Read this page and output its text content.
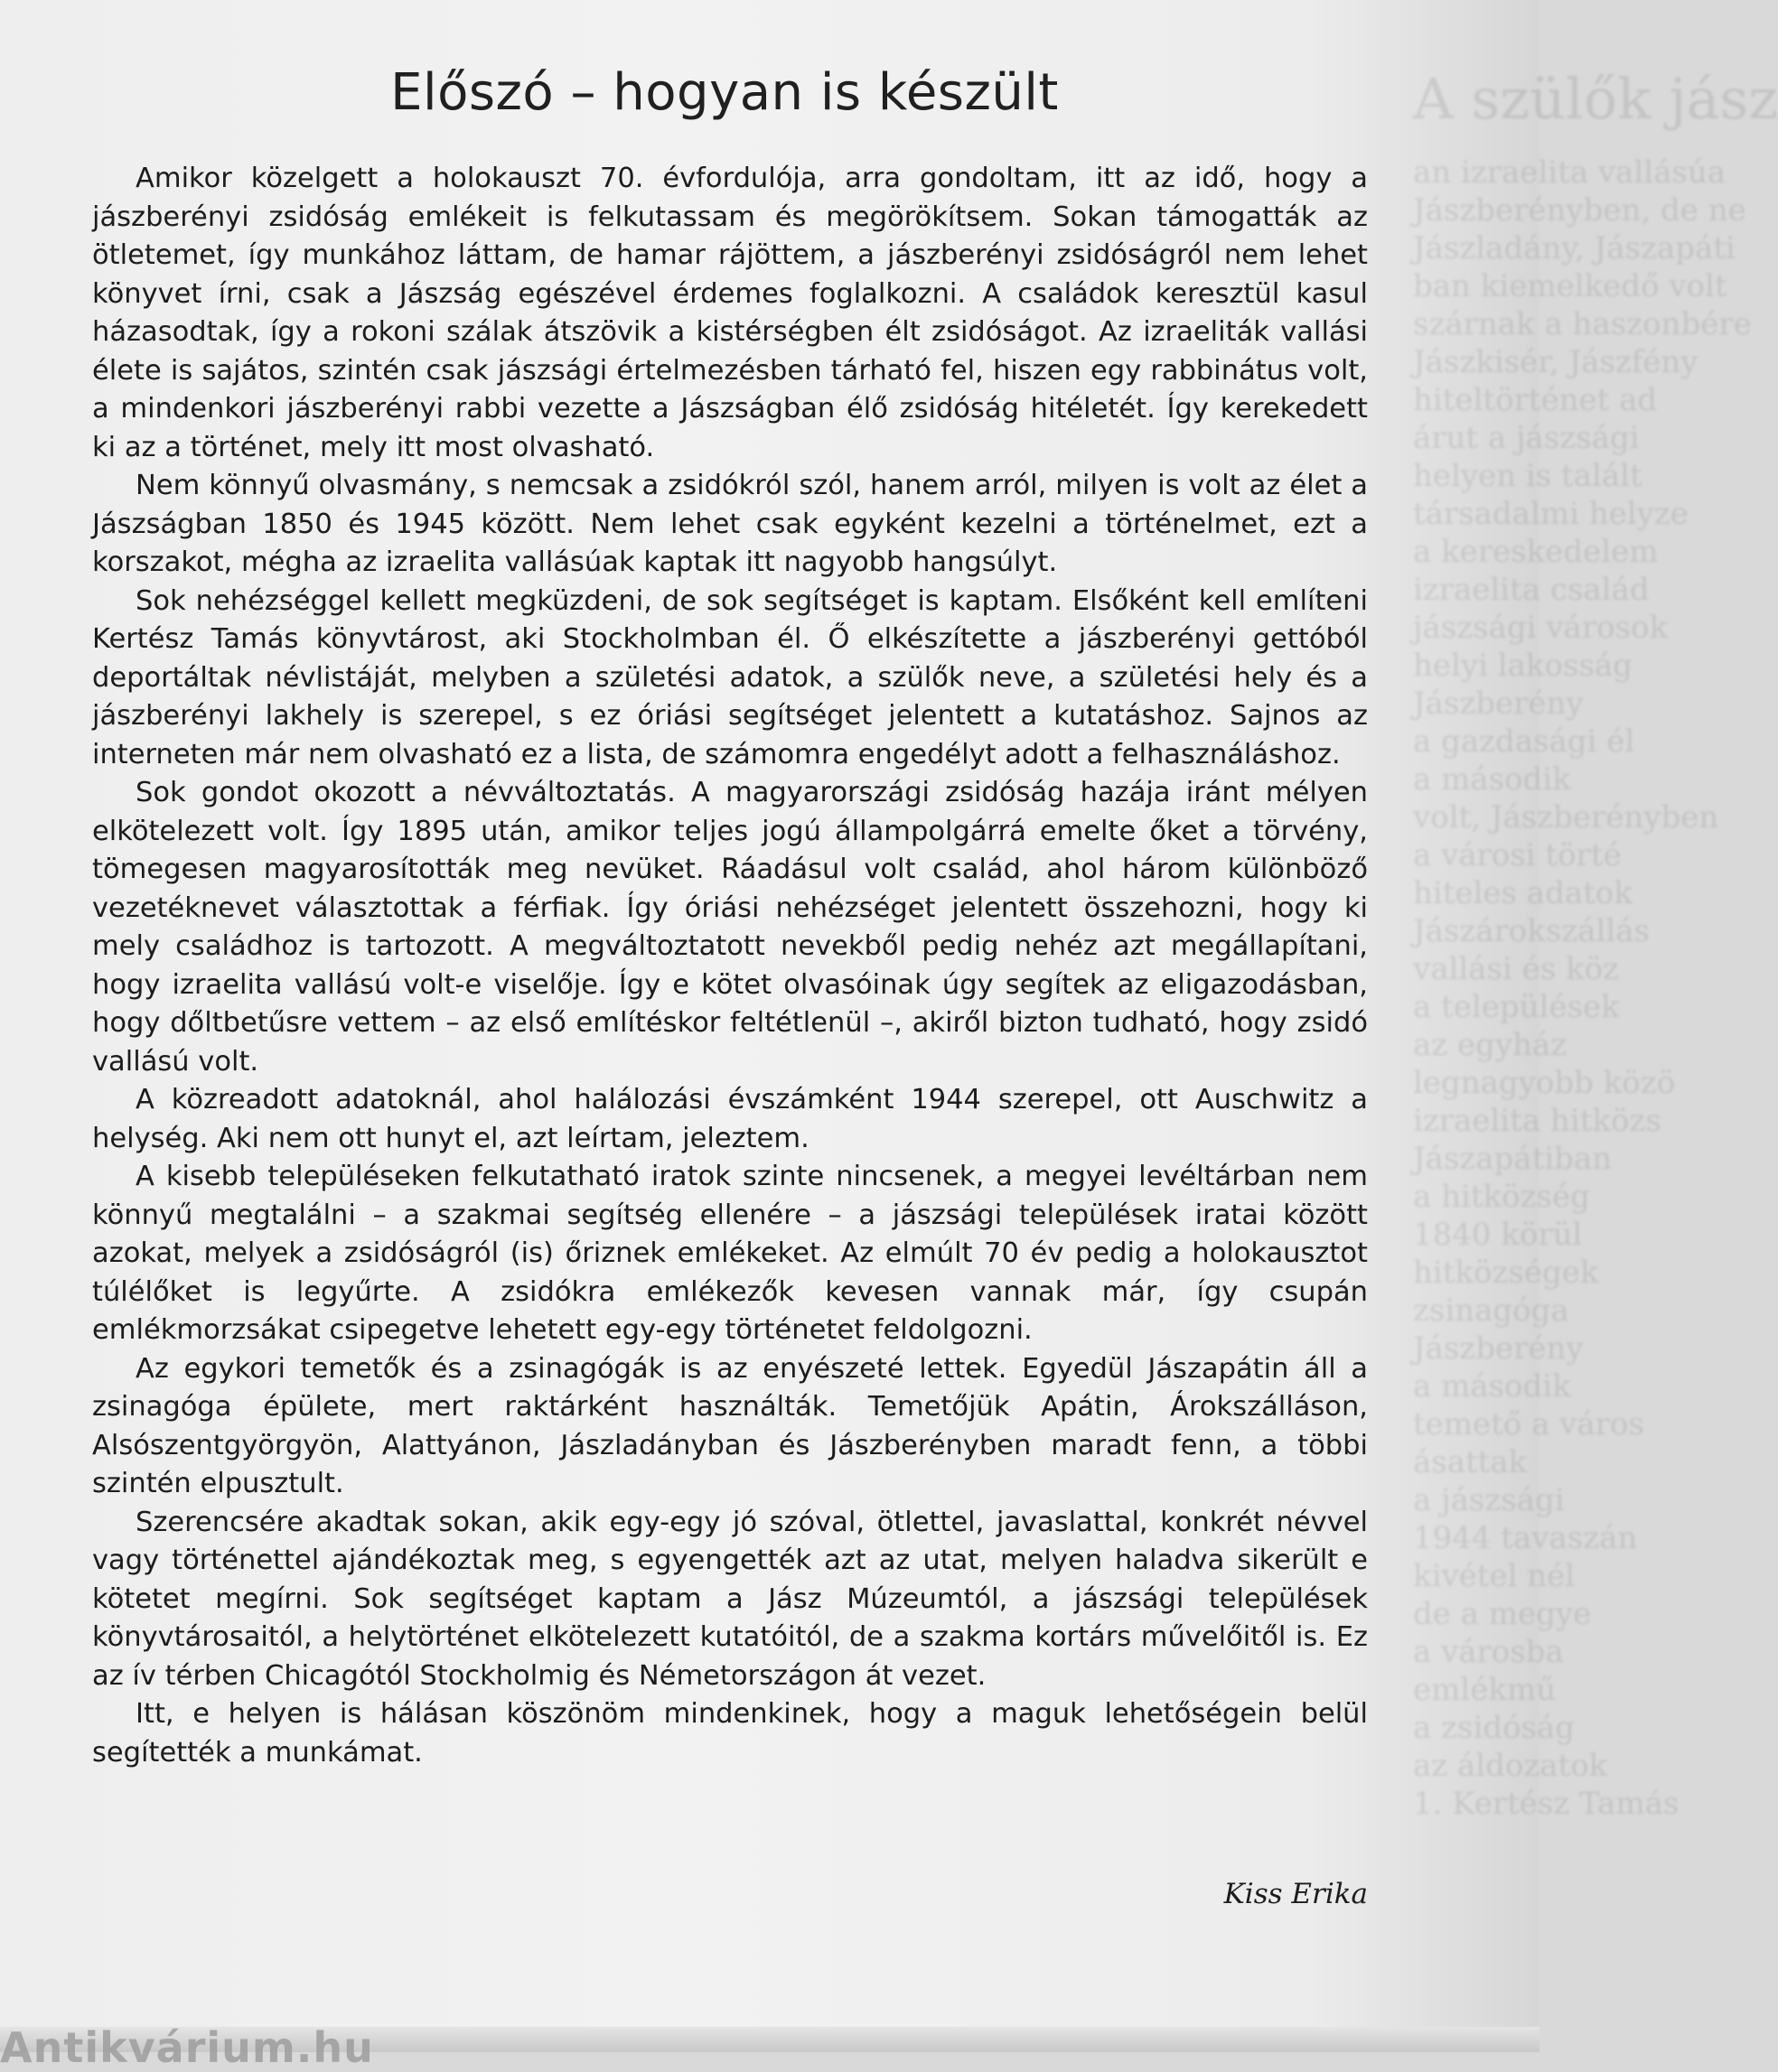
A szülők jász
an izraelita vallásúa
Jászberényben, de ne
Jászladány, Jászapáti
ban kiemelkedő volt
szárnak a haszonbére
Jászkisér, Jászfény
hiteltörténet ad
árut a jászsági
helyen is talált
társadalmi helyze
a kereskedelem
izraelita család
jászsági városok
helyi lakosság
Jászberény
a gazdasági él
a második
volt, Jászberényben
a városi törté
hiteles adatok
Jászárokszállás
vallási és köz
a települések
az egyház
legnagyobb közö
izraelita hitközs
Jászapátiban
a hitközség
1840 körül
hitközségek
zsinagóga
Jászberény
a második
temető a város
ásattak
a jászsági
1944 tavaszán
kivétel nél
de a megye
a városba
emlékmű
a zsidóság
az áldozatok
1. Kertész Tamás
Előszó – hogyan is készült

Amikor közelgett a holokauszt 70. évfordulója, arra gondoltam, itt az idő, hogy a jászberényi zsidóság emlékeit is felkutassam és megörökítsem. Sokan támogatták az ötletemet, így munkához láttam, de hamar rájöttem, a jászberényi zsidóságról nem lehet könyvet írni, csak a Jászság egészével érdemes foglalkozni. A családok keresztül kasul házasodtak, így a rokoni szálak átszövik a kistérségben élt zsidóságot. Az izraeliták vallási élete is sajátos, szintén csak jászsági értelmezésben tárható fel, hiszen egy rabbinátus volt, a mindenkori jászberényi rabbi vezette a Jászságban élő zsidóság hitéletét. Így kerekedett ki az a történet, mely itt most olvasható.

Nem könnyű olvasmány, s nemcsak a zsidókról szól, hanem arról, milyen is volt az élet a Jászságban 1850 és 1945 között. Nem lehet csak egyként kezelni a történelmet, ezt a korszakot, mégha az izraelita vallásúak kaptak itt nagyobb hangsúlyt.

Sok nehézséggel kellett megküzdeni, de sok segítséget is kaptam. Elsőként kell említeni Kertész Tamás könyvtárost, aki Stockholmban él. Ő elkészítette a jászberényi gettóból deportáltak névlistáját, melyben a születési adatok, a szülők neve, a születési hely és a jászberényi lakhely is szerepel, s ez óriási segítséget jelentett a kutatáshoz. Sajnos az interneten már nem olvasható ez a lista, de számomra engedélyt adott a felhasználáshoz.

Sok gondot okozott a névváltoztatás. A magyarországi zsidóság hazája iránt mélyen elkötelezett volt. Így 1895 után, amikor teljes jogú állampolgárrá emelte őket a törvény, tömegesen magyarosították meg nevüket. Ráadásul volt család, ahol három különböző vezetéknevet választottak a férfiak. Így óriási nehézséget jelentett összehozni, hogy ki mely családhoz is tartozott. A megváltoztatott nevekből pedig nehéz azt megállapítani, hogy izraelita vallású volt-e viselője. Így e kötet olvasóinak úgy segítek az eligazodásban, hogy dőltbetűsre vettem – az első említéskor feltétlenül –, akiről bizton tudható, hogy zsidó vallású volt.

A közreadott adatoknál, ahol halálozási évszámként 1944 szerepel, ott Auschwitz a helység. Aki nem ott hunyt el, azt leírtam, jeleztem.

A kisebb településeken felkutatható iratok szinte nincsenek, a megyei levéltárban nem könnyű megtalálni – a szakmai segítség ellenére – a jászsági települések iratai között azokat, melyek a zsidóságról (is) őriznek emlékeket. Az elmúlt 70 év pedig a holokausztot túlélőket is legyűrte. A zsidókra emlékezők kevesen vannak már, így csupán emlékmorzsákat csipegetve lehetett egy-egy történetet feldolgozni.

Az egykori temetők és a zsinagógák is az enyészeté lettek. Egyedül Jászapátin áll a zsinagóga épülete, mert raktárként használták. Temetőjük Apátin, Árokszálláson, Alsószentgyörgyön, Alattyánon, Jászladányban és Jászberényben maradt fenn, a többi szintén elpusztult.

Szerencsére akadtak sokan, akik egy-egy jó szóval, ötlettel, javaslattal, konkrét névvel vagy történettel ajándékoztak meg, s egyengették azt az utat, melyen haladva sikerült e kötetet megírni. Sok segítséget kaptam a Jász Múzeumtól, a jászsági települések könyvtárosaitól, a helytörténet elkötelezett kutatóitól, de a szakma kortárs művelőitől is. Ez az ív térben Chicagótól Stockholmig és Németországon át vezet.

Itt, e helyen is hálásan köszönöm mindenkinek, hogy a maguk lehetőségein belül segítették a munkámat.

Kiss Erika
Antikvárium.hu
